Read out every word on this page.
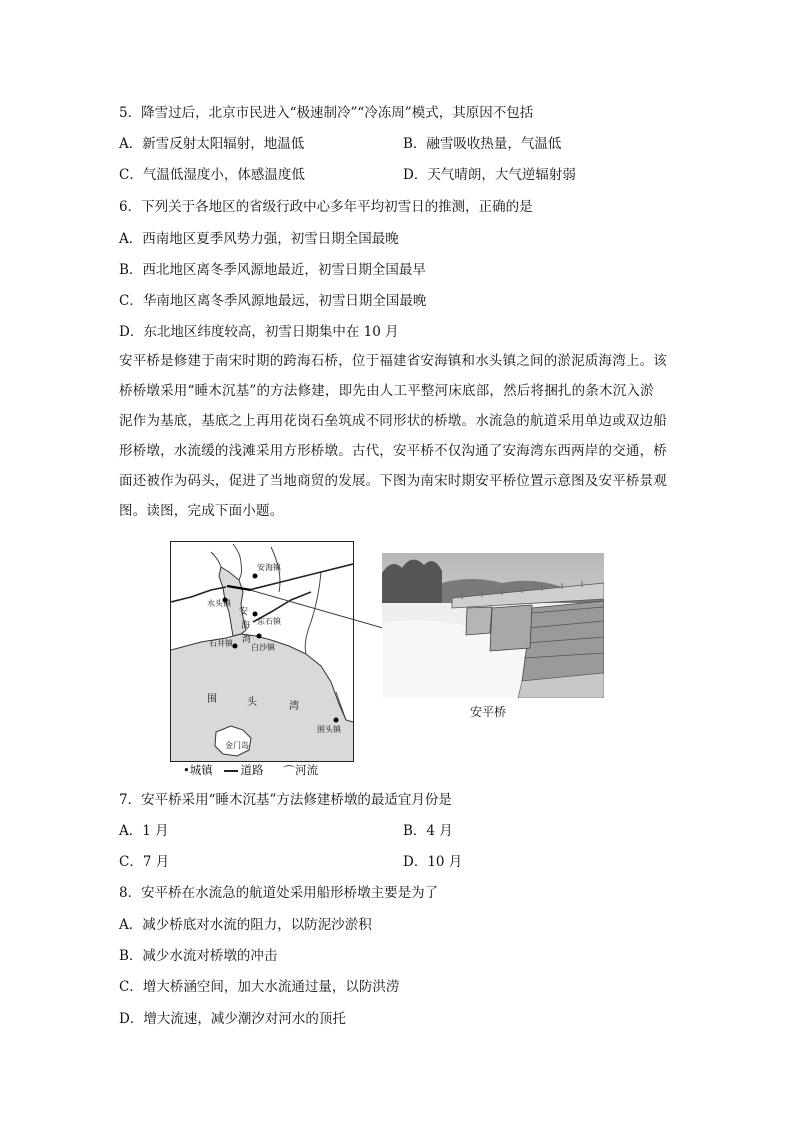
5．降雪过后，北京市民进入“极速制冷”“冷冻周”模式，其原因不包括
A．新雪反射太阳辐射，地温低	B．融雪吸收热量，气温低
C．气温低湿度小，体感温度低	D．天气晴朗，大气逆辐射弱
6．下列关于各地区的省级行政中心多年平均初雪日的推测，正确的是
A．西南地区夏季风势力强，初雪日期全国最晚
B．西北地区离冬季风源地最近，初雪日期全国最早
C．华南地区离冬季风源地最远，初雪日期全国最晚
D．东北地区纬度较高，初雪日期集中在 10 月
安平桥是修建于南宋时期的跨海石桥，位于福建省安海镇和水头镇之间的淤泥质海湾上。该
桥桥墩采用“睡木沉基”的方法修建，即先由人工平整河床底部，然后将捆扎的条木沉入淤
泥作为基底，基底之上再用花岗石垒筑成不同形状的桥墩。水流急的航道采用单边或双边船
形桥墩，水流缓的浅滩采用方形桥墩。古代，安平桥不仅沟通了安海湾东西两岸的交通，桥
面还被作为码头，促进了当地商贸的发展。下图为南宋时期安平桥位置示意图及安平桥景观
图。读图，完成下面小题。
安海镇
水头镇
安
海
湾
东石镇
石井镇 白沙镇
围	头	湾
围头镇
金门岛
•城镇 道路 ⌒河流
安平桥
7．安平桥采用“睡木沉基”方法修建桥墩的最适宜月份是
A．1 月	B．4 月
C．7 月	D．10 月
8．安平桥在水流急的航道处采用船形桥墩主要是为了
A．减少桥底对水流的阻力，以防泥沙淤积
B．减少水流对桥墩的冲击
C．增大桥涵空间，加大水流通过量，以防洪涝
D．增大流速，减少潮汐对河水的顶托
